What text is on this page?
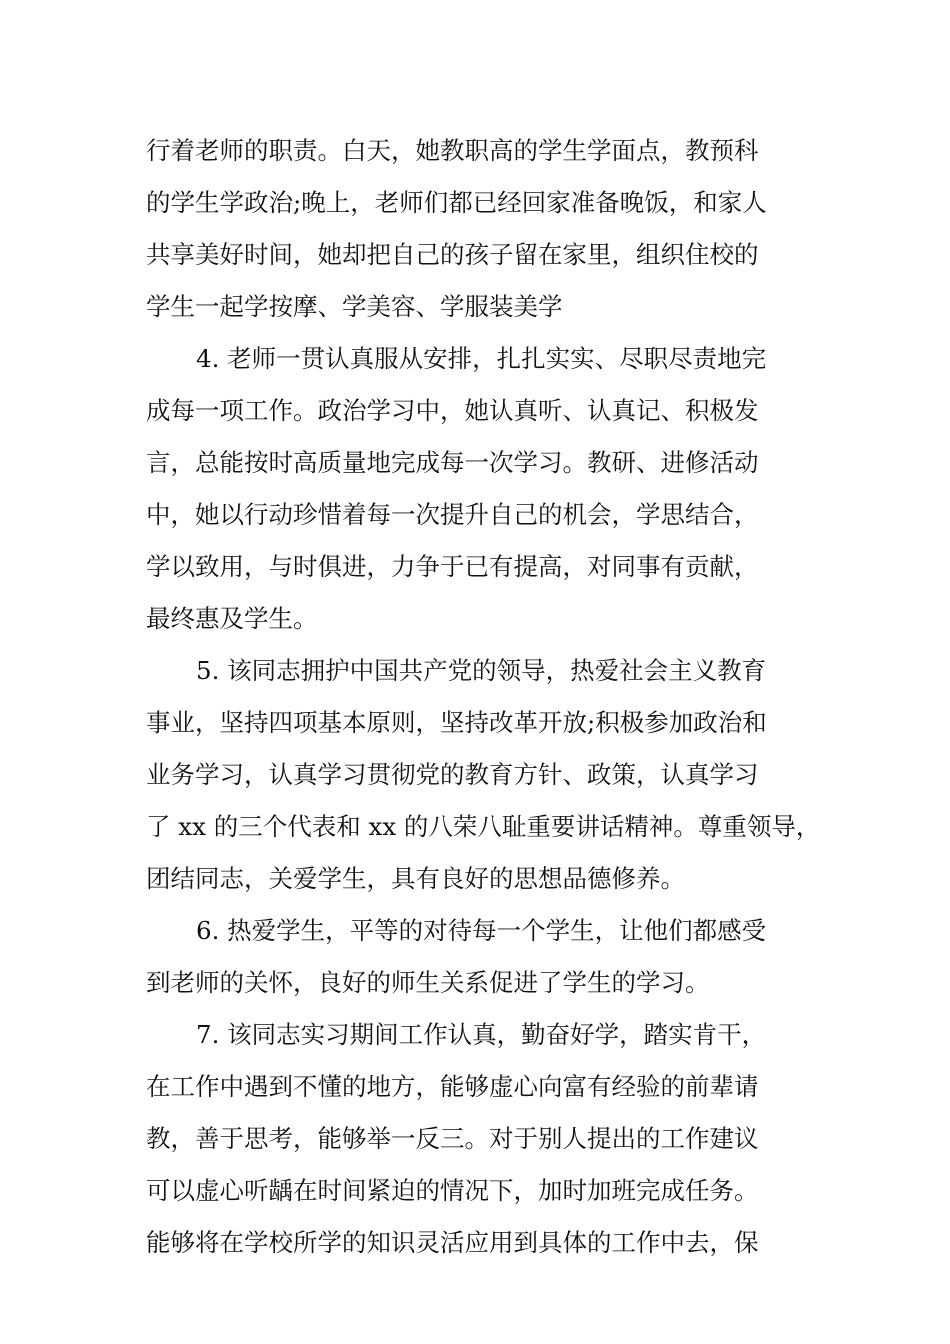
行着老师的职责。白天，她教职高的学生学面点，教预科
的学生学政治;晚上，老师们都已经回家准备晚饭，和家人
共享美好时间，她却把自己的孩子留在家里，组织住校的
学生一起学按摩、学美容、学服装美学
4. 老师一贯认真服从安排，扎扎实实、尽职尽责地完
成每一项工作。政治学习中，她认真听、认真记、积极发
言，总能按时高质量地完成每一次学习。教研、进修活动
中，她以行动珍惜着每一次提升自己的机会，学思结合，
学以致用，与时俱进，力争于已有提高，对同事有贡献，
最终惠及学生。
5. 该同志拥护中国共产党的领导，热爱社会主义教育
事业，坚持四项基本原则，坚持改革开放;积极参加政治和
业务学习，认真学习贯彻党的教育方针、政策，认真学习
了 xx 的三个代表和 xx 的八荣八耻重要讲话精神。尊重领导，
团结同志，关爱学生，具有良好的思想品德修养。
6. 热爱学生，平等的对待每一个学生，让他们都感受
到老师的关怀，良好的师生关系促进了学生的学习。
7. 该同志实习期间工作认真，勤奋好学，踏实肯干，
在工作中遇到不懂的地方，能够虚心向富有经验的前辈请
教，善于思考，能够举一反三。对于别人提出的工作建议
可以虚心听龋在时间紧迫的情况下，加时加班完成任务。
能够将在学校所学的知识灵活应用到具体的工作中去，保
